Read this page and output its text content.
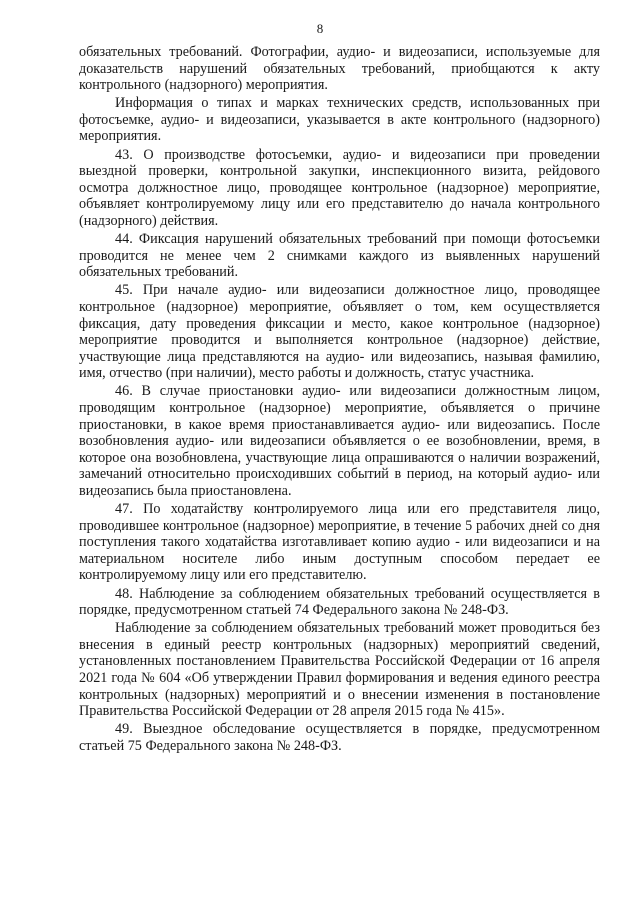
8

обязательных требований. Фотографии, аудио- и видеозаписи, используемые для доказательств нарушений обязательных требований, приобщаются к акту контрольного (надзорного) мероприятия.

Информация о типах и марках технических средств, использованных при фотосъемке, аудио- и видеозаписи, указывается в акте контрольного (надзорного) мероприятия.

43. О производстве фотосъемки, аудио- и видеозаписи при проведении выездной проверки, контрольной закупки, инспекционного визита, рейдового осмотра должностное лицо, проводящее контрольное (надзорное) мероприятие, объявляет контролируемому лицу или его представителю до начала контрольного (надзорного) действия.

44. Фиксация нарушений обязательных требований при помощи фотосъемки проводится не менее чем 2 снимками каждого из выявленных нарушений обязательных требований.

45. При начале аудио- или видеозаписи должностное лицо, проводящее контрольное (надзорное) мероприятие, объявляет о том, кем осуществляется фиксация, дату проведения фиксации и место, какое контрольное (надзорное) мероприятие проводится и выполняется контрольное (надзорное) действие, участвующие лица представляются на аудио- или видеозапись, называя фамилию, имя, отчество (при наличии), место работы и должность, статус участника.

46. В случае приостановки аудио- или видеозаписи должностным лицом, проводящим контрольное (надзорное) мероприятие, объявляется о причине приостановки, в какое время приостанавливается аудио- или видеозапись. После возобновления аудио- или видеозаписи объявляется о ее возобновлении, время, в которое она возобновлена, участвующие лица опрашиваются о наличии возражений, замечаний относительно происходивших событий в период, на который аудио- или видеозапись была приостановлена.

47. По ходатайству контролируемого лица или его представителя лицо, проводившее контрольное (надзорное) мероприятие, в течение 5 рабочих дней со дня поступления такого ходатайства изготавливает копию аудио - или видеозаписи и на материальном носителе либо иным доступным способом передает ее контролируемому лицу или его представителю.

48. Наблюдение за соблюдением обязательных требований осуществляется в порядке, предусмотренном статьей 74 Федерального закона № 248-ФЗ.

Наблюдение за соблюдением обязательных требований может проводиться без внесения в единый реестр контрольных (надзорных) мероприятий сведений, установленных постановлением Правительства Российской Федерации от 16 апреля 2021 года № 604 «Об утверждении Правил формирования и ведения единого реестра контрольных (надзорных) мероприятий и о внесении изменения в постановление Правительства Российской Федерации от 28 апреля 2015 года № 415».

49. Выездное обследование осуществляется в порядке, предусмотренном статьей 75 Федерального закона № 248-ФЗ.
